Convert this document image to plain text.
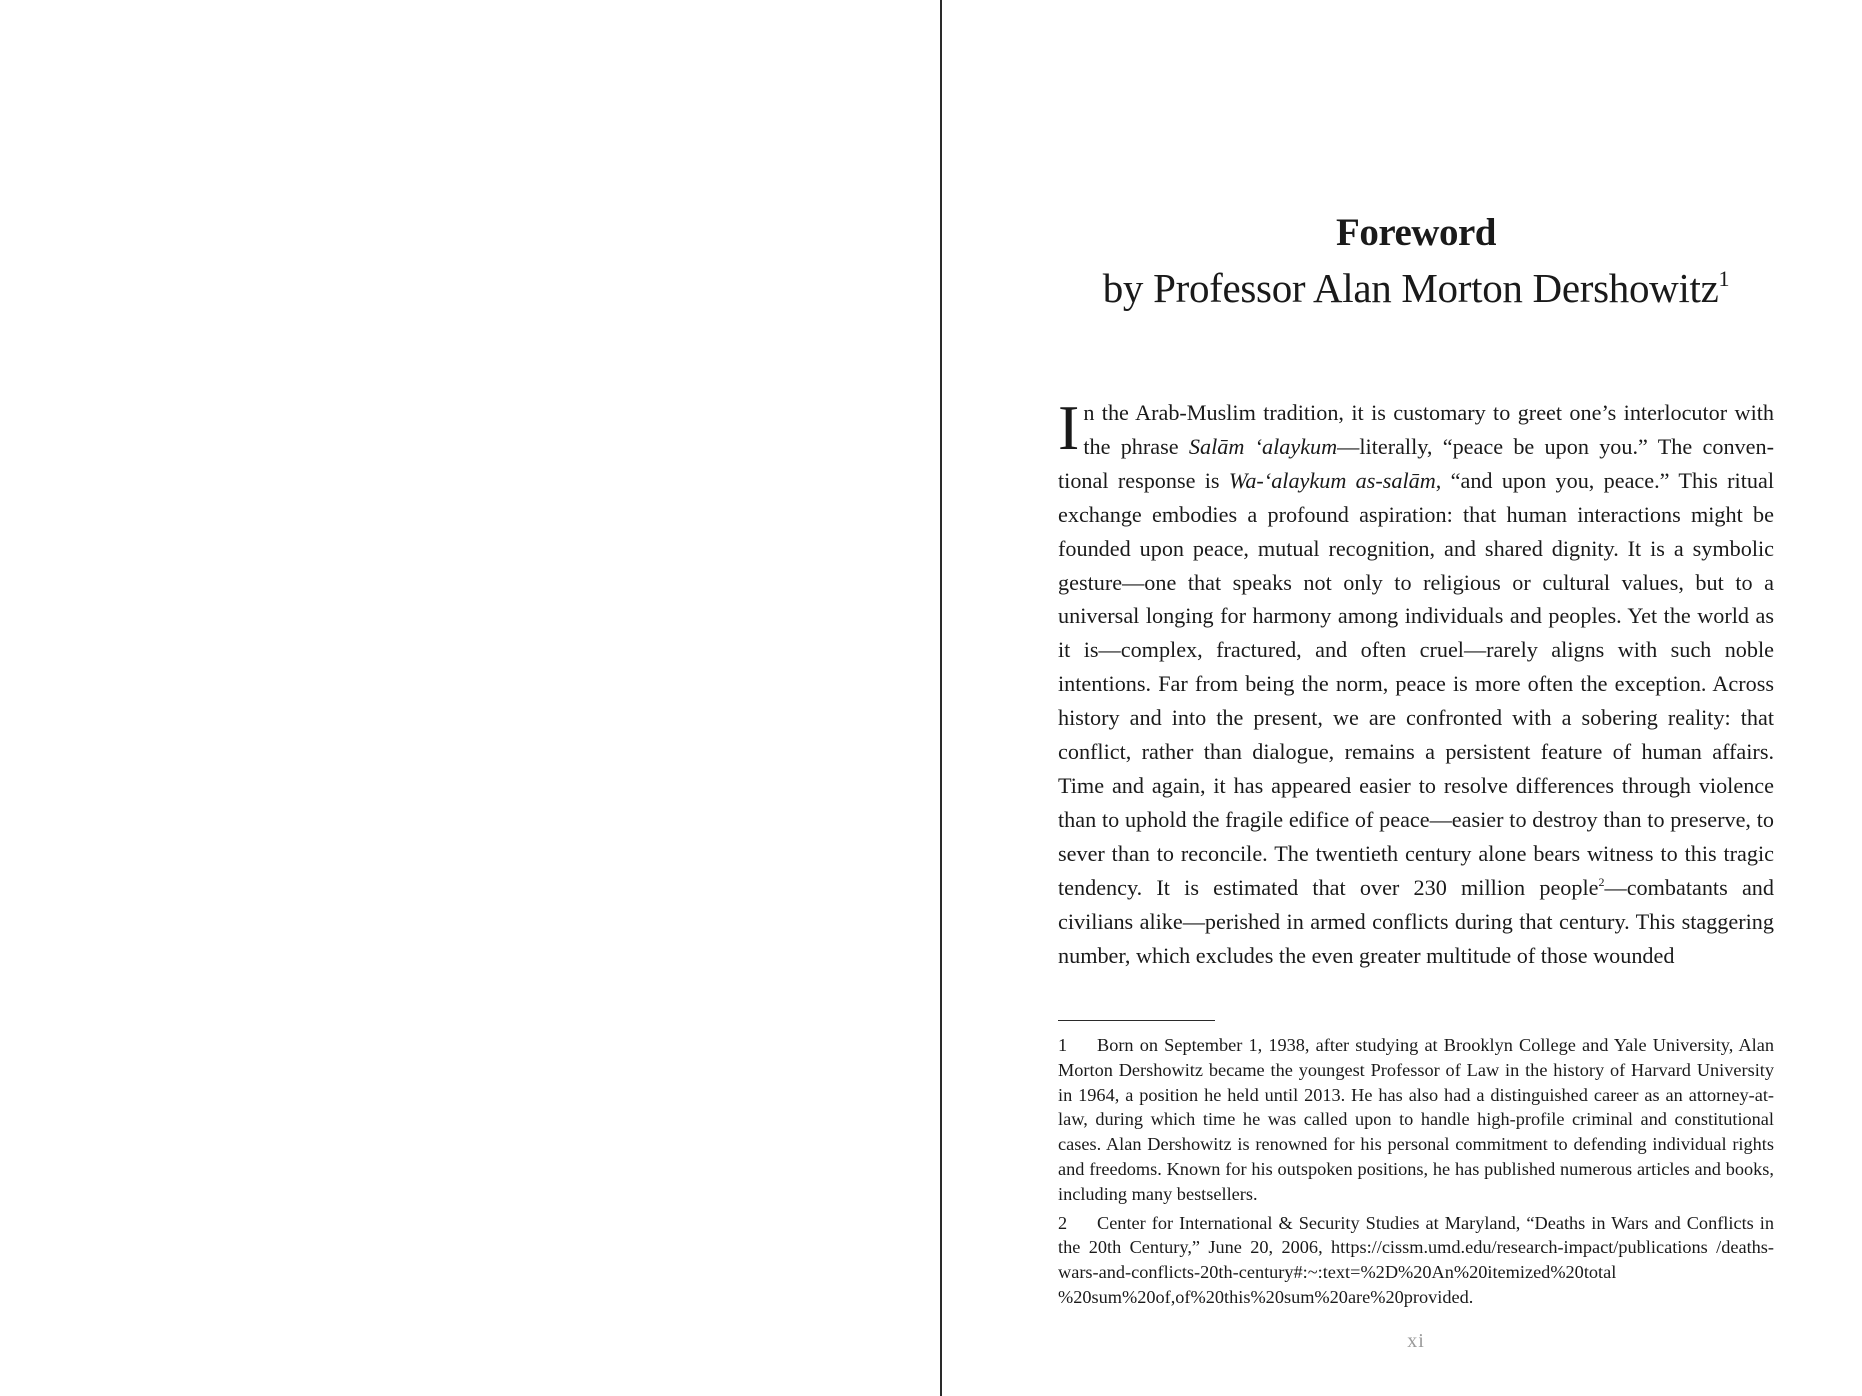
Foreword
by Professor Alan Morton Dershowitz$^1$

In the Arab-Muslim tradition, it is customary to greet one’s interlocutor with the phrase Salām ‘alaykum—literally, “peace be upon you.” The conventional response is Wa-‘alaykum as-salām, “and upon you, peace.” This ritual exchange embodies a profound aspiration: that human interactions might be founded upon peace, mutual recognition, and shared dignity. It is a symbolic gesture—one that speaks not only to religious or cultural values, but to a universal longing for harmony among individuals and peoples. Yet the world as it is—complex, fractured, and often cruel—rarely aligns with such noble intentions. Far from being the norm, peace is more often the exception. Across history and into the present, we are confronted with a sobering reality: that conflict, rather than dialogue, remains a persistent feature of human affairs. Time and again, it has appeared easier to resolve differences through violence than to uphold the fragile edifice of peace—easier to destroy than to preserve, to sever than to reconcile. The twentieth century alone bears witness to this tragic tendency. It is estimated that over 230 million people$^2$—combatants and civilians alike—perished in armed conflicts during that century. This staggering number, which excludes the even greater multitude of those wounded

1 Born on September 1, 1938, after studying at Brooklyn College and Yale University, Alan Morton Dershowitz became the youngest Professor of Law in the history of Harvard University in 1964, a position he held until 2013. He has also had a distinguished career as an attorney-at-law, during which time he was called upon to handle high-profile criminal and constitutional cases. Alan Dershowitz is renowned for his personal commitment to defending individual rights and freedoms. Known for his outspoken positions, he has published numerous articles and books, including many bestsellers.

2 Center for International & Security Studies at Maryland, “Deaths in Wars and Conflicts in the 20th Century,” June 20, 2006, https://cissm.umd.edu/research-impact/publications /deaths-wars-and-conflicts-20th-century#:~:text=%2D%20An%20itemized%20total %20sum%20of,of%20this%20sum%20are%20provided.

xi
